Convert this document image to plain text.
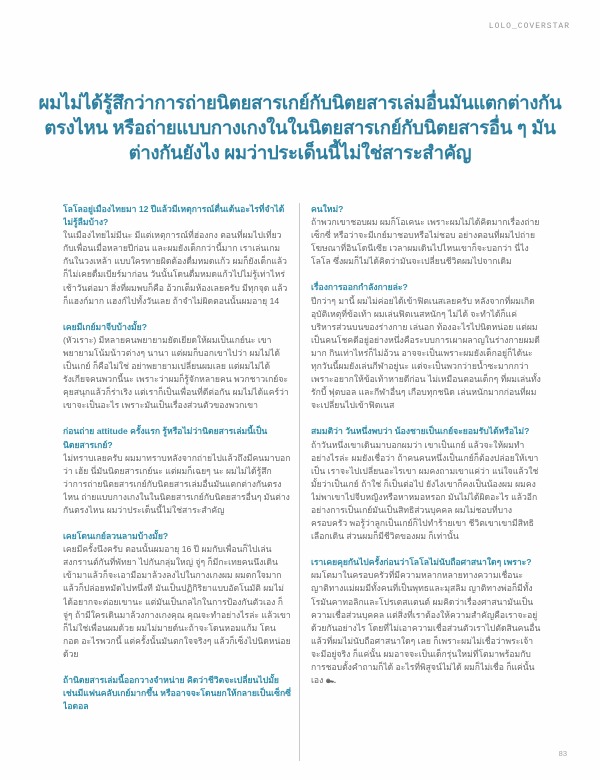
LOLO_COVERSTAR
ผมไม่ได้รู้สึกว่าการถ่ายนิตยสารเกย์กับนิตยสารเล่มอื่นมันแตกต่างกัน
ตรงไหน หรือถ่ายแบบกางเกงในในนิตยสารเกย์กับนิตยสารอื่น ๆ มัน
ต่างกันยังไง ผมว่าประเด็นนี้ไม่ใช่สาระสำคัญ

โลโลอยู่เมืองไทยมา 12 ปีแล้วมีเหตุการณ์ตื่นเต้นอะไรที่จำได้ไม่รู้ลืมบ้าง?

ในเมืองไทยไม่มีนะ มีแต่เหตุการณ์ที่ฮ่องกง ตอนที่ผมไปเที่ยวกับเพื่อนเมื่อหลายปีก่อน และผมยังเด็กกว่านี้มาก เราเล่นเกมกันในวงเหล้า แบบใครทายผิดต้องดื่มหมดแก้ว ผมก็ยังเด็กแล้วก็ไม่เคยดื่มเบียร์มาก่อน วันนั้นโดนดื่มหมดแก้วไปไม่รู้เท่าไหร่ เช้าวันต่อมา สิ่งที่ผมพบก็คือ อ้วกเต็มห้องเลยครับ มีทุกจุด แล้วก็แฮงก์มาก แฮงก์ไปทั้งวันเลย ถ้าจำไม่ผิดตอนนั้นผมอายุ 14

เคยมีเกย์มาจีบบ้างมั้ย?

(หัวเราะ) มีหลายคนพยายามยัดเยียดให้ผมเป็นเกย์นะ เขาพยายามโน้มน้าวต่างๆ นานา แต่ผมก็บอกเขาไปว่า ผมไม่ได้เป็นเกย์ ก็คือไม่ใช่ อย่าพยายามเปลี่ยนผมเลย แต่ผมไม่ได้รังเกียจคนพวกนี้นะ เพราะว่าผมก็รู้จักหลายคน พวกชาวเกย์จะคุยสนุกแล้วก็ร่าเริง แต่เราก็เป็นเพื่อนที่ดีต่อกัน ผมไม่ได้แคร์ว่าเขาจะเป็นอะไร เพราะมันเป็นเรื่องส่วนตัวของพวกเขา

ก่อนถ่าย attitude ครั้งแรก รู้หรือไม่ว่านิตยสารเล่มนี้เป็นนิตยสารเกย์?

ไม่ทราบเลยครับ ผมมาทราบหลังจากถ่ายไปแล้วถึงมีคนมาบอกว่า เฮ้ย นี่มันนิตยสารเกย์นะ แต่ผมก็เฉยๆ นะ ผมไม่ได้รู้สึกว่าการถ่ายนิตยสารเกย์กับนิตยสารเล่มอื่นมันแตกต่างกันตรงไหน ถ่ายแบบกางเกงในในนิตยสารเกย์กับนิตยสารอื่นๆ มันต่างกันตรงไหน ผมว่าประเด็นนี้ไม่ใช่สาระสำคัญ

เคยโดนเกย์ลวนลามบ้างมั้ย?

เคยมีครั้งนึงครับ ตอนนั้นผมอายุ 16 ปี ผมกับเพื่อนก็ไปเล่นสงกรานต์กันที่พัทยา ไปกันกลุ่มใหญ่ จู่ๆ ก็มีกะเทยคนนึงเดินเข้ามาแล้วก็จะเอามือมาล้วงลงไปในกางเกงผม ผมตกใจมากแล้วก็ปล่อยหมัดไปหนึ่งที มันเป็นปฏิกิริยาแบบอัตโนมัติ ผมไม่ได้อยากจะต่อยเขานะ แต่มันเป็นกลไกในการป้องกันตัวเอง ก็จู่ๆ ถ้ามีใครเดินมาล้วงกางเกงคุณ คุณจะทำอย่างไรล่ะ แล้วเขาก็ไม่ใช่เพื่อนผมด้วย ผมไม่มายด์นะถ้าจะโดนหอมแก้ม โดนกอด อะไรพวกนี้ แต่ครั้งนั้นมันตกใจจริงๆ แล้วก็เซ็งไปนิดหน่อยด้วย

ถ้านิตยสารเล่มนี้ออกวางจำหน่าย คิดว่าชีวิตจะเปลี่ยนไปมั้ย เช่นมีแฟนคลับเกย์มากขึ้น หรืออาจจะโดนยกให้กลายเป็นเซ็กซี่ไอดอล

คนใหม่?

ถ้าพวกเขาชอบผม ผมก็โอเคนะ เพราะผมไม่ได้คิดมากเรื่องถ่ายเซ็กซี่ หรือว่าจะมีเกย์มาชอบหรือไม่ชอบ อย่างตอนที่ผมไปถ่ายโฆษณาที่อินโดนีเซีย เวลาผมเดินไปไหนเขาก็จะบอกว่า นี่ไงโลโล ซึ่งผมก็ไม่ได้คิดว่ามันจะเปลี่ยนชีวิตผมไปจากเดิม

เรื่องการออกกำลังกายล่ะ?

ปีกว่าๆ มานี้ ผมไม่ค่อยได้เข้าฟิตเนสเลยครับ หลังจากที่ผมเกิดอุบัติเหตุที่ข้อเท้า ผมเล่นฟิตเนสหนักๆ ไม่ได้ จะทำได้ก็แค่บริหารส่วนบนของร่างกาย เล่นอก ท้องอะไรไปนิดหน่อย แต่ผมเป็นคนโชคดีอยู่อย่างหนึ่งคือระบบการเผาผลาญในร่างกายผมดีมาก กินเท่าไหร่ก็ไม่อ้วน อาจจะเป็นเพราะผมยังเด็กอยู่ก็ได้นะ ทุกวันนี้ผมยังเล่นกีฬาอยู่นะ แต่จะเป็นพวกว่ายน้ำซะมากกว่า เพราะอยากให้ข้อเท้าหายดีก่อน ไม่เหมือนตอนเด็กๆ ที่ผมเล่นทั้งรักบี้ ฟุตบอล และกีฬาอื่นๆ เกือบทุกชนิด เล่นหนักมากก่อนที่ผมจะเปลี่ยนไปเข้าฟิตเนส

สมมติว่า วันหนึ่งพบว่า น้องชายเป็นเกย์จะยอมรับได้หรือไม่?

ถ้าวันหนึ่งเขาเดินมาบอกผมว่า เขาเป็นเกย์ แล้วจะให้ผมทำอย่างไรล่ะ ผมยังเชื่อว่า ถ้าคนคนหนึ่งเป็นเกย์ก็ต้องปล่อยให้เขาเป็น เราจะไปเปลี่ยนอะไรเขา ผมคงถามเขาแค่ว่า แน่ใจแล้วใช่มั้ยว่าเป็นเกย์ ถ้าใช่ ก็เป็นต่อไป ยังไงเขาก็คงเป็นน้องผม ผมคงไม่พาเขาไปจีบหญิงหรือหาหมอหรอก มันไม่ได้ผิดอะไร แล้วอีกอย่างการเป็นเกย์มันเป็นสิทธิส่วนบุคคล ผมไม่ชอบที่บางครอบครัว พอรู้ว่าลูกเป็นเกย์ก็ไปทำร้ายเขา ชีวิตเขาเขามีสิทธิเลือกเดิน ส่วนผมก็มีชีวิตของผม ก็เท่านั้น

เราเคยคุยกันไปครั้งก่อนว่าโลโลไม่นับถือศาสนาใดๆ เพราะ?

ผมโตมาในครอบครัวที่มีความหลากหลายทางความเชื่อนะ ญาติทางแม่ผมมีทั้งคนที่เป็นพุทธและมุสลิม ญาติทางพ่อก็มีทั้งโรมันคาทอลิกและโปรเตสแตนต์ ผมคิดว่าเรื่องศาสนามันเป็นความเชื่อส่วนบุคคล แต่สิ่งที่เราต้องให้ความสำคัญคือเราจะอยู่ด้วยกันอย่างไร โดยที่ไม่เอาความเชื่อส่วนตัวเราไปตัดสินคนอื่น แล้วที่ผมไม่นับถือศาสนาใดๆ เลย ก็เพราะผมไม่เชื่อว่าพระเจ้าจะมีอยู่จริง ก็แค่นั้น ผมอาจจะเป็นเด็กรุ่นใหม่ที่โตมาพร้อมกับการชอบตั้งคำถามก็ได้ อะไรที่พิสูจน์ไม่ได้ ผมก็ไม่เชื่อ ก็แค่นั้นเอง ๛

83
